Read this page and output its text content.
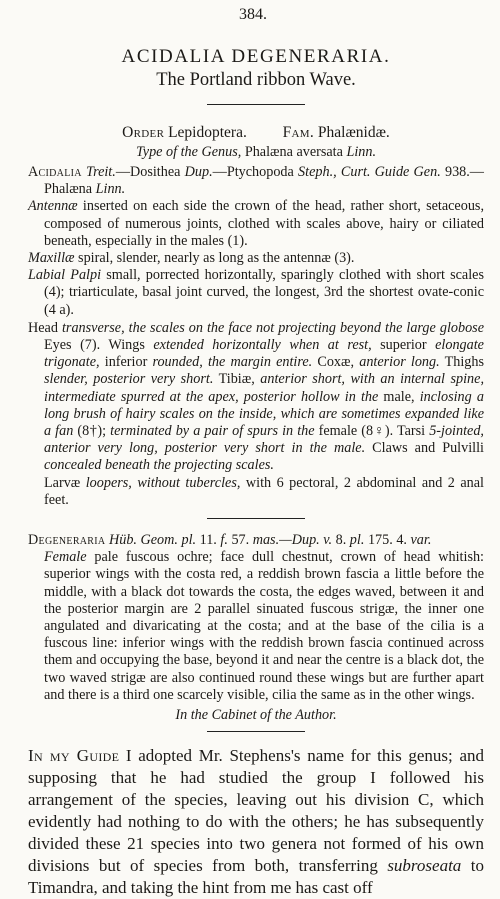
384.
ACIDALIA DEGENERARIA.
The Portland ribbon Wave.
Order Lepidoptera. Fam. Phalænidæ.
Type of the Genus, Phalæna aversata Linn.

Acidalia Treit.—Dosithea Dup.—Ptychopoda Steph., Curt. Guide Gen. 938.—Phalæna Linn.

Antennæ inserted on each side the crown of the head, rather short, setaceous, composed of numerous joints, clothed with scales above, hairy or ciliated beneath, especially in the males (1).

Maxillæ spiral, slender, nearly as long as the antennæ (3).

Labial Palpi small, porrected horizontally, sparingly clothed with short scales (4); triarticulate, basal joint curved, the longest, 3rd the shortest ovate-conic (4 a).

Head transverse, the scales on the face not projecting beyond the large globose Eyes (7). Wings extended horizontally when at rest, superior elongate trigonate, inferior rounded, the margin entire. Coxæ, anterior long. Thighs slender, posterior very short. Tibiæ, anterior short, with an internal spine, intermediate spurred at the apex, posterior hollow in the male, inclosing a long brush of hairy scales on the inside, which are sometimes expanded like a fan (8†); terminated by a pair of spurs in the female (8♀). Tarsi 5-jointed, anterior very long, posterior very short in the male. Claws and Pulvilli concealed beneath the projecting scales.

Larvæ loopers, without tubercles, with 6 pectoral, 2 abdominal and 2 anal feet.

Degeneraria Hüb. Geom. pl. 11. f. 57. mas.—Dup. v. 8. pl. 175. 4. var.
Female pale fuscous ochre; face dull chestnut, crown of head whitish: superior wings with the costa red, a reddish brown fascia a little before the middle, with a black dot towards the costa, the edges waved, between it and the posterior margin are 2 parallel sinuated fuscous strigæ, the inner one angulated and divaricating at the costa; and at the base of the cilia is a fuscous line: inferior wings with the reddish brown fascia continued across them and occupying the base, beyond it and near the centre is a black dot, the two waved strigæ are also continued round these wings but are further apart and there is a third one scarcely visible, cilia the same as in the other wings.

In the Cabinet of the Author.

In my Guide I adopted Mr. Stephens's name for this genus; and supposing that he had studied the group I followed his arrangement of the species, leaving out his division C, which evidently had nothing to do with the others; he has subsequently divided these 21 species into two genera not formed of his own divisions but of species from both, transferring subroseata to Timandra, and taking the hint from me has cast off
